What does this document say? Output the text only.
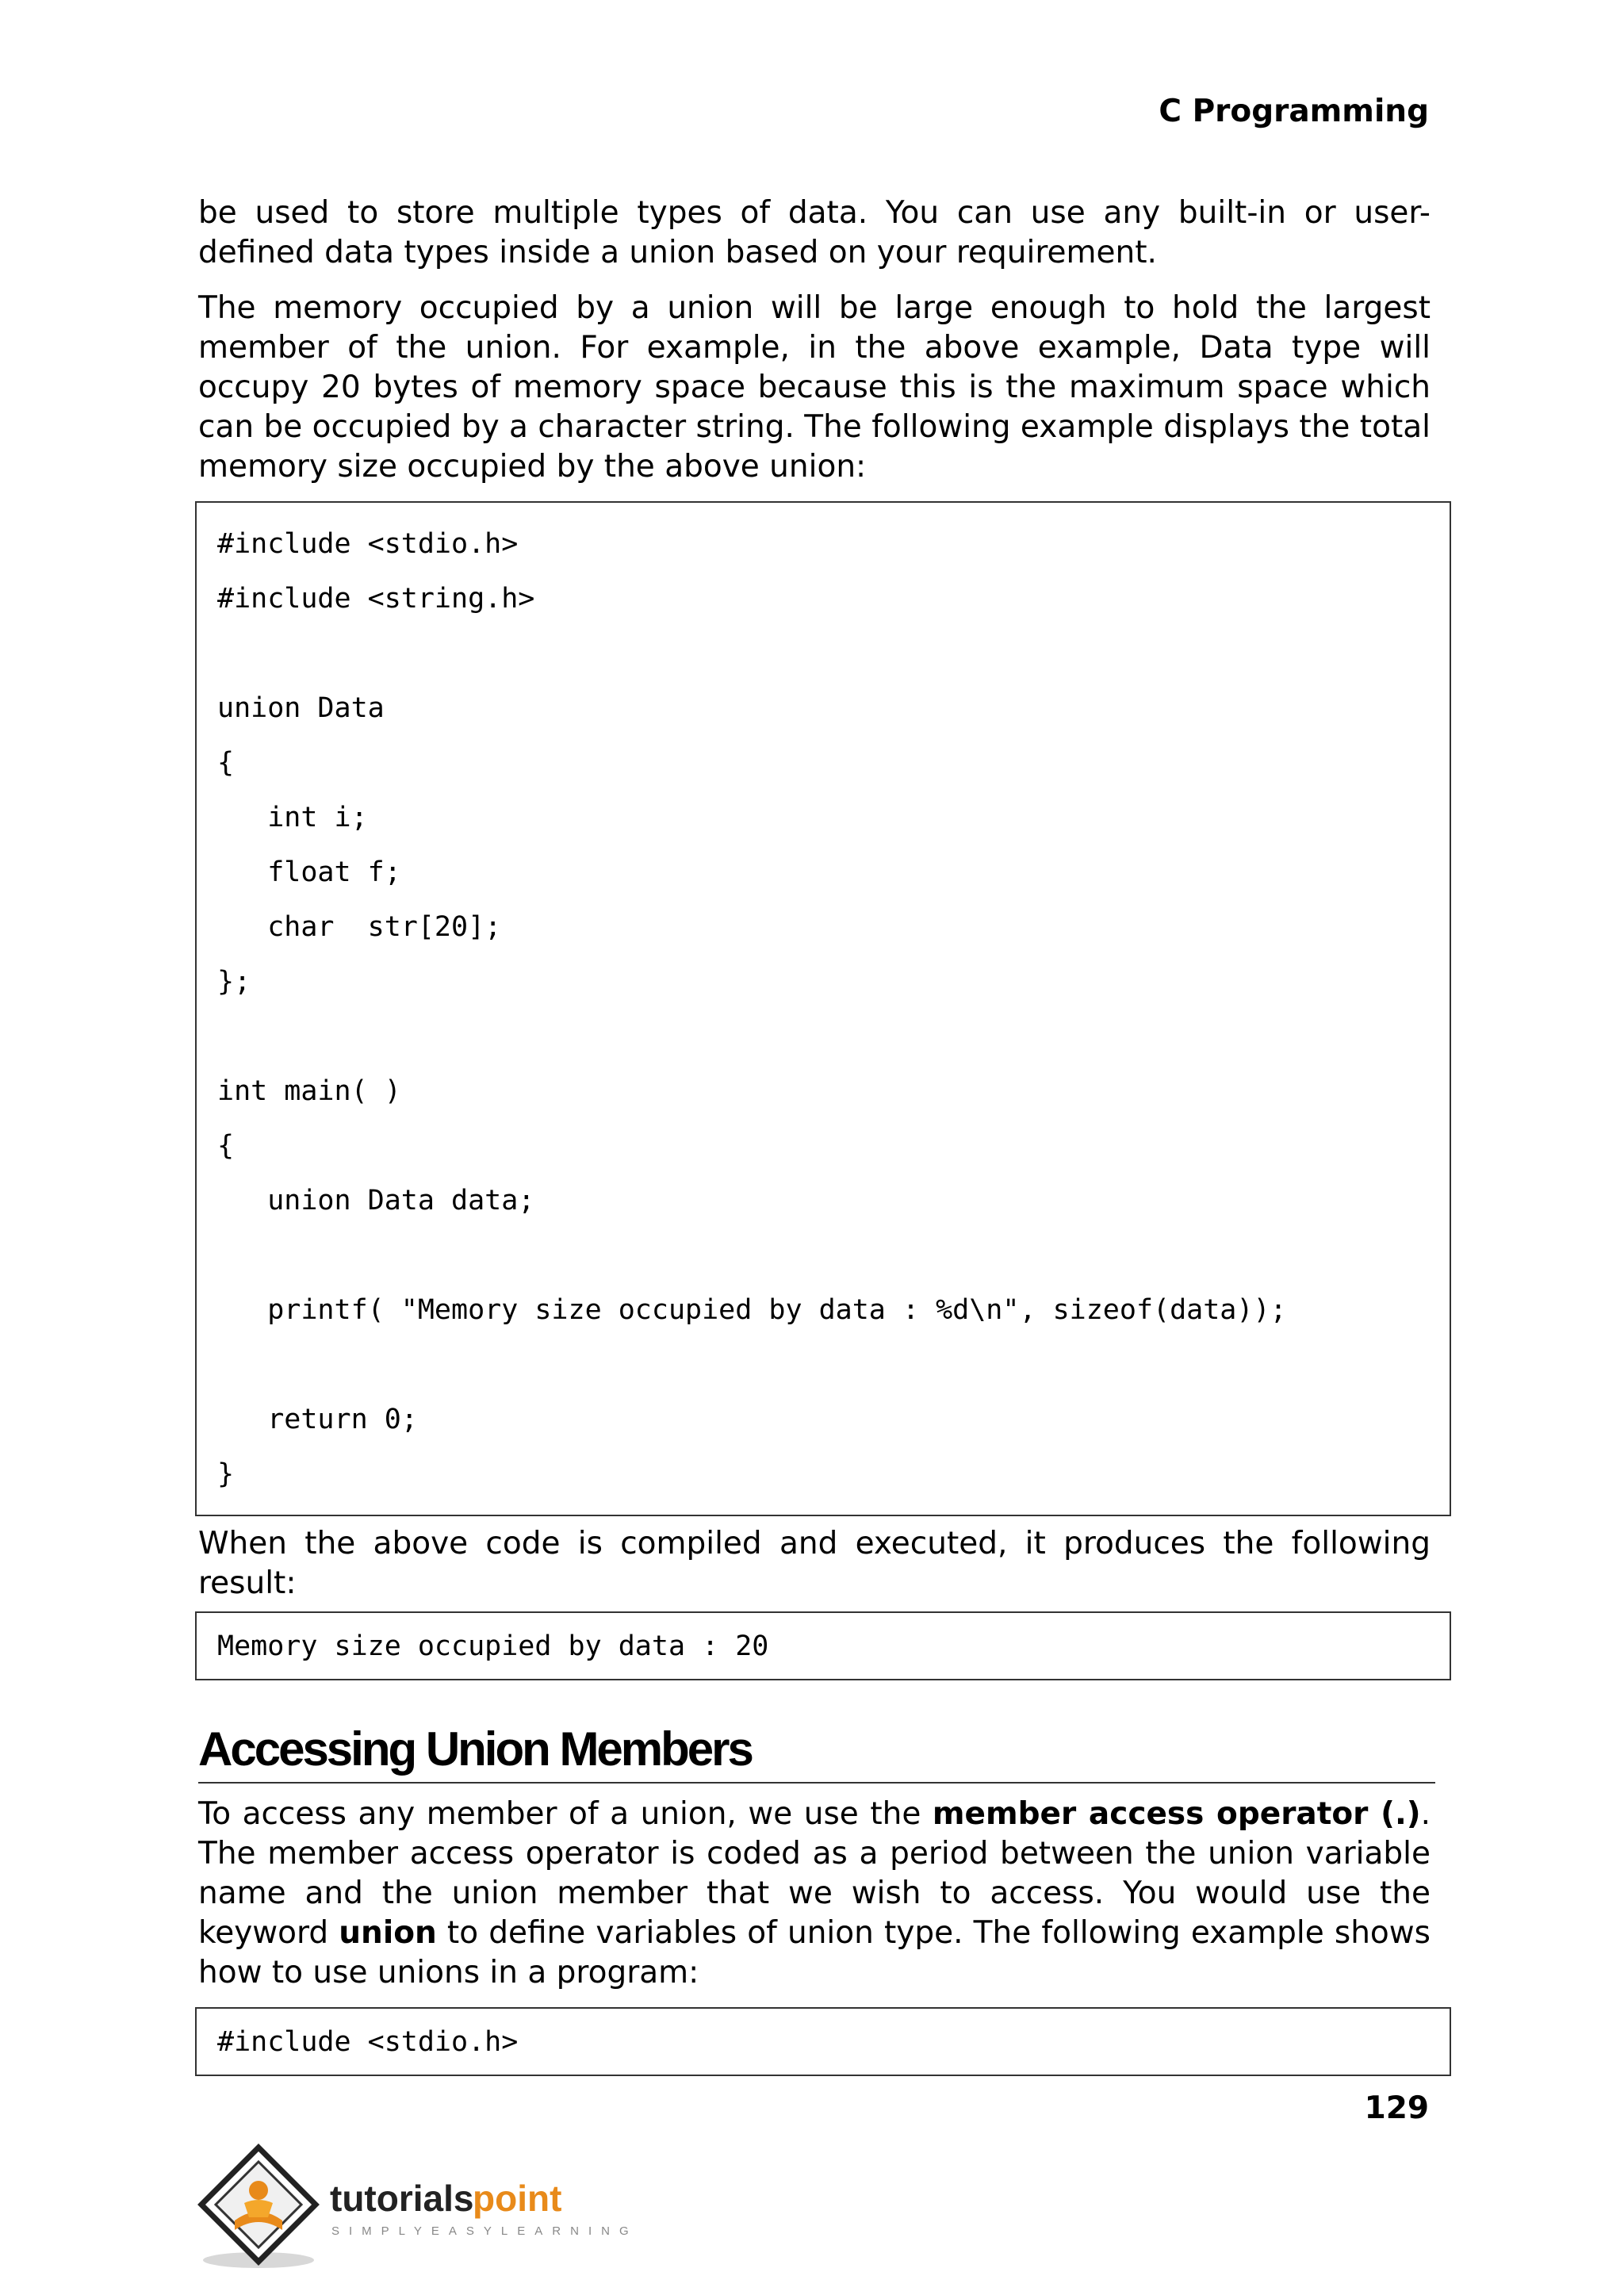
C Programming

be used to store multiple types of data. You can use any built-in or user-defined data types inside a union based on your requirement.

The memory occupied by a union will be large enough to hold the largest member of the union. For example, in the above example, Data type will occupy 20 bytes of memory space because this is the maximum space which can be occupied by a character string. The following example displays the total memory size occupied by the above union:

#include <stdio.h>
#include <string.h>
union Data
{
int i;
float f;
char  str[20];
};
int main( )
{
union Data data;
printf( "Memory size occupied by data : %d\n", sizeof(data));
return 0;
}

When the above code is compiled and executed, it produces the following result:

Memory size occupied by data : 20
Accessing Union Members

To access any member of a union, we use the member access operator (.). The member access operator is coded as a period between the union variable name and the union member that we wish to access. You would use the keyword union to define variables of union type. The following example shows how to use unions in a program:

#include <stdio.h>
129
tutorials
point
SIMPLYEASYLEARNING
